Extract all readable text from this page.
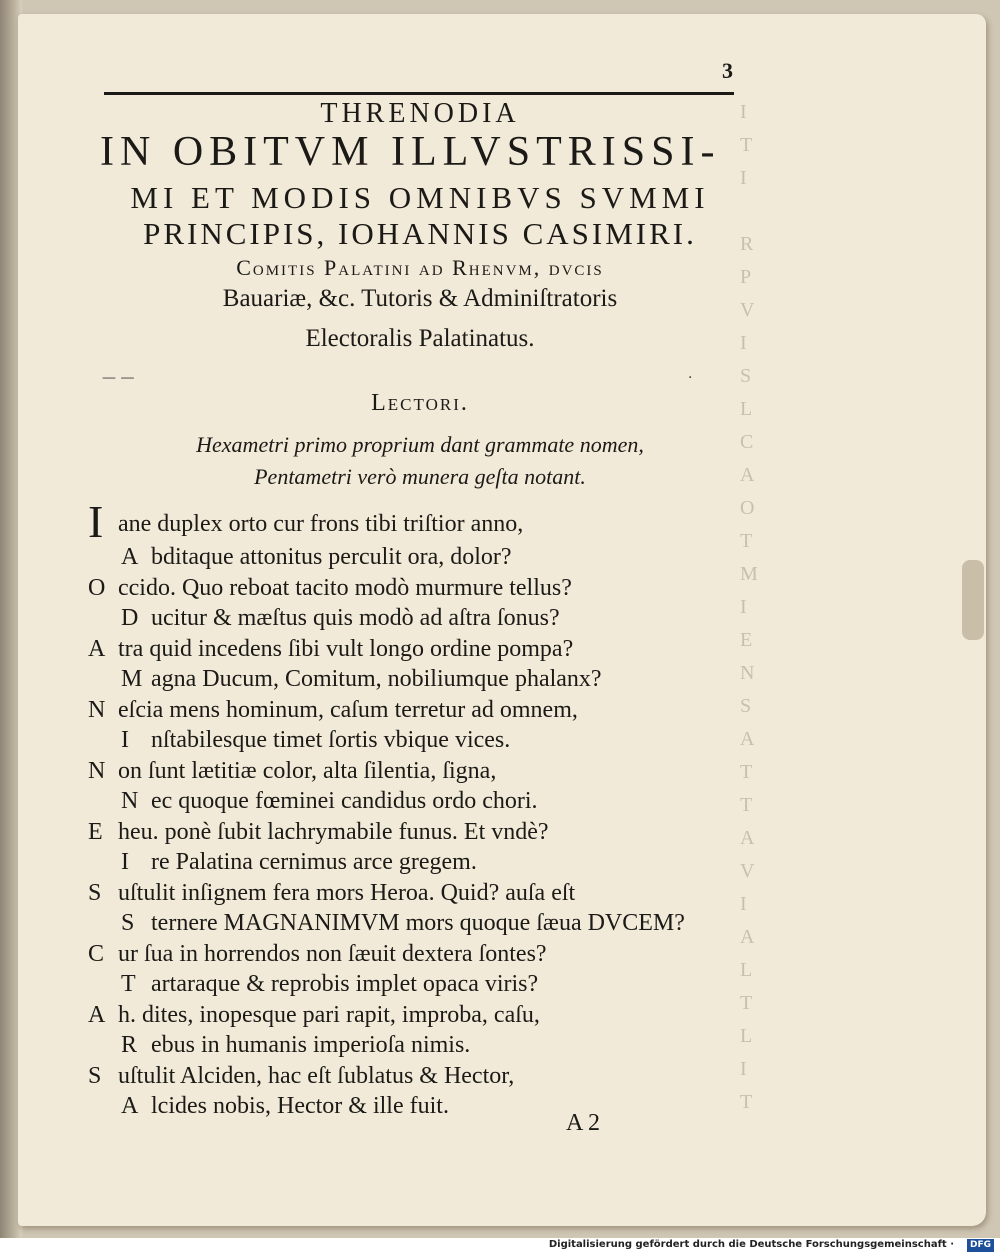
I
T
I

R
P
V
I
S
L
C
A
O
T
M
I
E
N
S
A
T
T
A
V
I
A
L
T
L
I
T
3
THRENODIA
IN OBITVM ILLVSTRISSI-
MI ET MODIS OMNIBVS SVMMI
PRINCIPIS, IOHANNIS CASIMIRI.
Comitis Palatini ad Rhenvm, dvcis
Bauariæ, &c. Tutoris & Adminiſtratoris
Electoralis Palatinatus.
— —	·
Lectori.
Hexametri primo proprium dant grammate nomen,
Pentametri verò munera geſta notant.
Iane duplex orto cur frons tibi triſtior anno,
A bditaque attonitus perculit ora, dolor?
O ccido. Quo reboat tacito modò murmure tellus?
D ucitur & mæſtus quis modò ad aſtra ſonus?
A tra quid incedens ſibi vult longo ordine pompa?
M agna Ducum, Comitum, nobiliumque phalanx?
N eſcia mens hominum, caſum terretur ad omnem,
I nſtabilesque timet ſortis vbique vices.
N on ſunt lætitiæ color, alta ſilentia, ſigna,
N ec quoque fœminei candidus ordo chori.
E heu. ponè ſubit lachrymabile funus. Et vndè?
I re Palatina cernimus arce gregem.
S uſtulit inſignem fera mors Heroa. Quid? auſa eſt
S ternere MAGNANIMVM mors quoque ſæua DVCEM?
C ur ſua in horrendos non ſæuit dextera ſontes?
T artaraque & reprobis implet opaca viris?
A h. dites, inopesque pari rapit, improba, caſu,
R ebus in humanis imperioſa nimis.
S uſtulit Alciden, hac eſt ſublatus & Hector,
A lcides nobis, Hector & ille fuit.
A 2
Digitalisierung gefördert durch die Deutsche Forschungsgemeinschaft ·	DFG
